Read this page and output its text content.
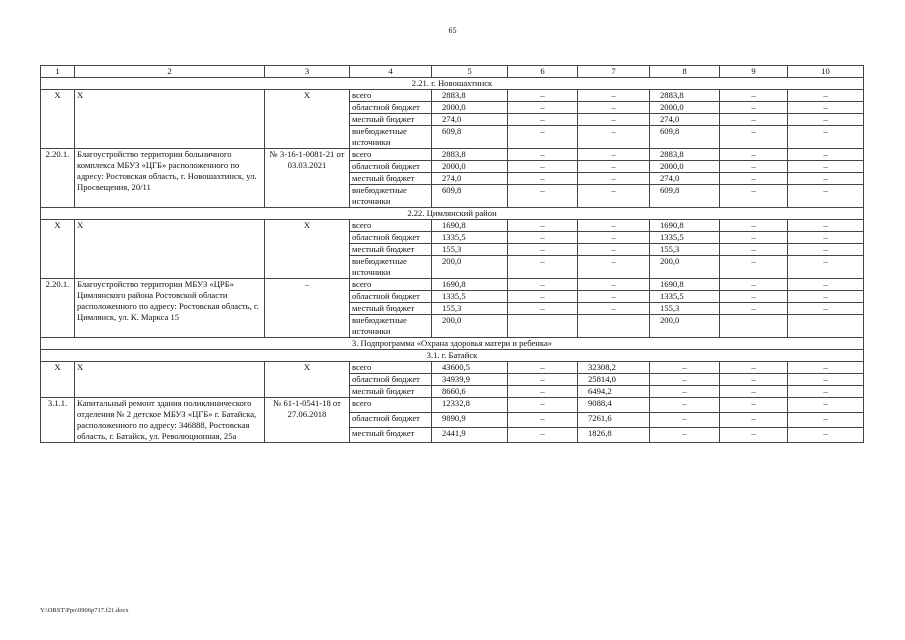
65
1	2	3	4	5	6	7	8	9	10
2.21. г. Новошахтинск									
Х	Х	Х	всего	2883,8	–	–	2883,8	–	–
			областной бюджет	2000,0	–	–	2000,0	–	–
			местный бюджет	274,0	–	–	274,0	–	–
			внебюджетные источники	609,8	–	–	609,8	–	–
2.20.1.	Благоустройство территории больничного комплекса МБУЗ «ЦГБ» расположенного по адресу: Ростовская область, г. Новошахтинск, ул. Просвещения, 20/11	№ 3-16-1-0081-21 от 03.03.2021	всего	2883,8	–	–	2883,8	–	–
			областной бюджет	2000,0	–	–	2000,0	–	–
			местный бюджет	274,0	–	–	274,0	–	–
			внебюджетные источники	609,8	–	–	609,8	–	–
2.22. Цимлянский район									
Х	Х	Х	всего	1690,8	–	–	1690,8	–	–
			областной бюджет	1335,5	–	–	1335,5	–	–
			местный бюджет	155,3	–	–	155,3	–	–
			внебюджетные источники	200,0	–	–	200,0	–	–
2.20.1.	Благоустройство территории МБУЗ «ЦРБ» Цимлянского района Ростовской области расположенного по адресу: Ростовская область, г. Цимлянск, ул. К. Маркса 15	–	всего	1690,8	–	–	1690,8	–	–
			областной бюджет	1335,5	–	–	1335,5	–	–
			местный бюджет	155,3	–	–	155,3	–	–
			внебюджетные источники	200,0			200,0		
3. Подпрограмма «Охрана здоровья матери и ребенка»									
3.1. г. Батайск									
Х	Х	Х	всего	43600,5	–	32308,2	–	–	–
			областной бюджет	34939,9	–	25814,0	–	–	–
			местный бюджет	8660,6	–	6494,2	–	–	–
3.1.1.	Капитальный ремонт здания поликлинического отделения № 2 детское МБУЗ «ЦГБ» г. Батайска, расположенного по адресу: 346888, Ростовская область, г. Батайск, ул. Революционная, 25а	№ 61-1-0541-18 от 27.06.2018	всего	12332,8	–	9088,4	–	–	–
			областной бюджет	9890,9	–	7261,6	–	–	–
			местный бюджет	2441,9	–	1826,8	–	–	–
Y:\ORST\Ppo\0906p717.f21.docx
